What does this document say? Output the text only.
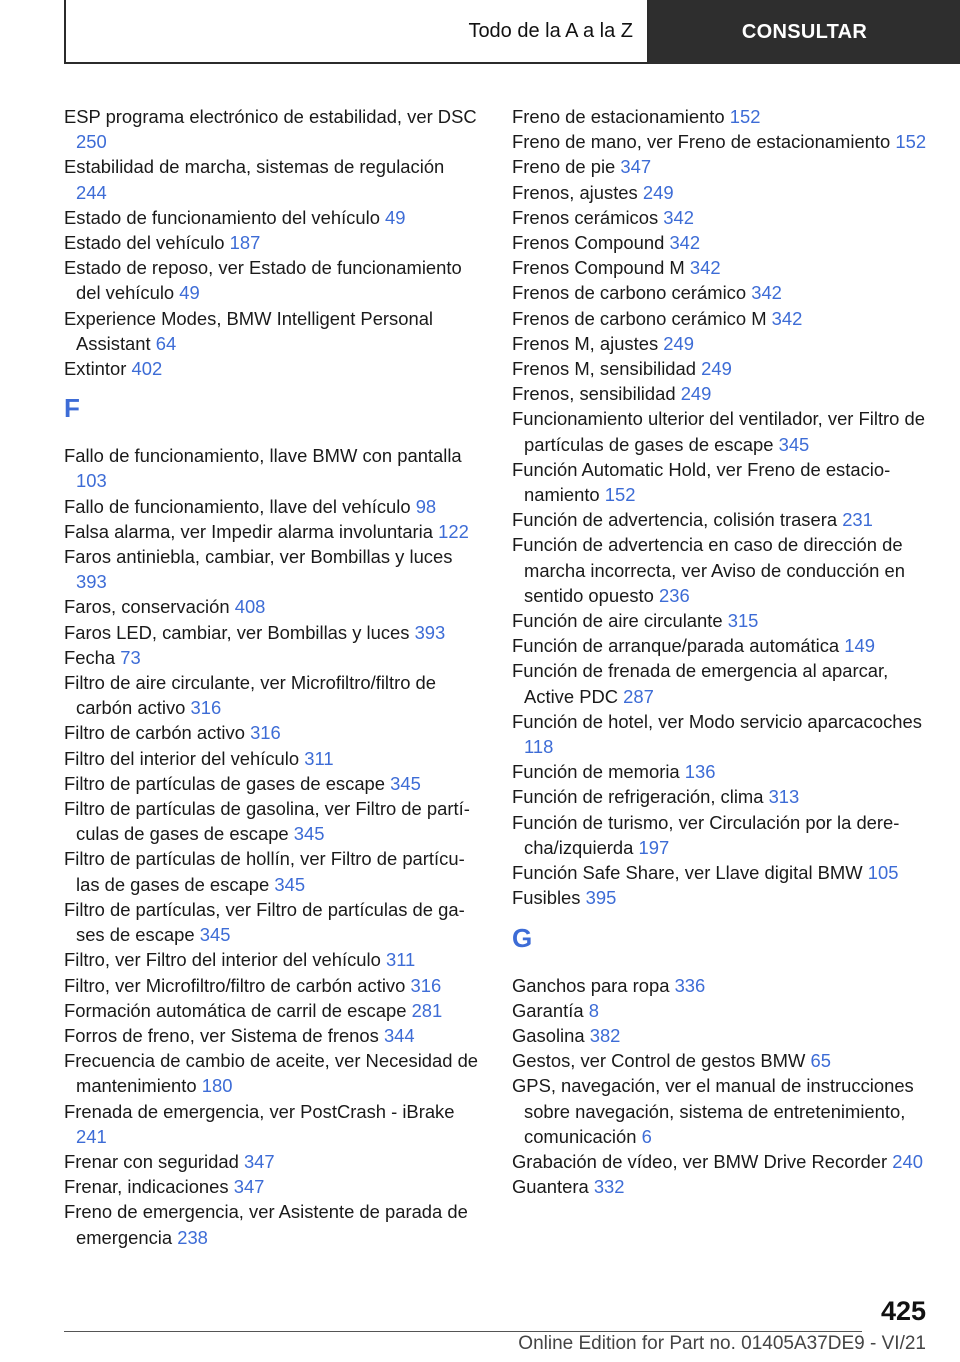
Todo de la A a la Z	CONSULTAR
ESP programa electrónico de estabilidad, ver DSC 250
Estabilidad de marcha, sistemas de regulación 244
Estado de funcionamiento del vehículo 49
Estado del vehículo 187
Estado de reposo, ver Estado de funcionamiento del vehículo 49
Experience Modes, BMW Intelligent Personal Assistant 64
Extintor 402
F
Fallo de funcionamiento, llave BMW con pantalla 103
Fallo de funcionamiento, llave del vehículo 98
Falsa alarma, ver Impedir alarma involuntaria 122
Faros antiniebla, cambiar, ver Bombillas y luces 393
Faros, conservación 408
Faros LED, cambiar, ver Bombillas y luces 393
Fecha 73
Filtro de aire circulante, ver Microfiltro/filtro de carbón activo 316
Filtro de carbón activo 316
Filtro del interior del vehículo 311
Filtro de partículas de gases de escape 345
Filtro de partículas de gasolina, ver Filtro de partículas de gases de escape 345
Filtro de partículas de hollín, ver Filtro de partículas de gases de escape 345
Filtro de partículas, ver Filtro de partículas de gases de escape 345
Filtro, ver Filtro del interior del vehículo 311
Filtro, ver Microfiltro/filtro de carbón activo 316
Formación automática de carril de escape 281
Forros de freno, ver Sistema de frenos 344
Frecuencia de cambio de aceite, ver Necesidad de mantenimiento 180
Frenada de emergencia, ver PostCrash - iBrake 241
Frenar con seguridad 347
Frenar, indicaciones 347
Freno de emergencia, ver Asistente de parada de emergencia 238
Freno de estacionamiento 152
Freno de mano, ver Freno de estacionamiento 152
Freno de pie 347
Frenos, ajustes 249
Frenos cerámicos 342
Frenos Compound 342
Frenos Compound M 342
Frenos de carbono cerámico 342
Frenos de carbono cerámico M 342
Frenos M, ajustes 249
Frenos M, sensibilidad 249
Frenos, sensibilidad 249
Funcionamiento ulterior del ventilador, ver Filtro de partículas de gases de escape 345
Función Automatic Hold, ver Freno de estacionamiento 152
Función de advertencia, colisión trasera 231
Función de advertencia en caso de dirección de marcha incorrecta, ver Aviso de conducción en sentido opuesto 236
Función de aire circulante 315
Función de arranque/parada automática 149
Función de frenada de emergencia al aparcar, Active PDC 287
Función de hotel, ver Modo servicio aparcacoches 118
Función de memoria 136
Función de refrigeración, clima 313
Función de turismo, ver Circulación por la derecha/izquierda 197
Función Safe Share, ver Llave digital BMW 105
Fusibles 395
G
Ganchos para ropa 336
Garantía 8
Gasolina 382
Gestos, ver Control de gestos BMW 65
GPS, navegación, ver el manual de instrucciones sobre navegación, sistema de entretenimiento, comunicación 6
Grabación de vídeo, ver BMW Drive Recorder 240
Guantera 332
425
Online Edition for Part no. 01405A37DE9 - VI/21
